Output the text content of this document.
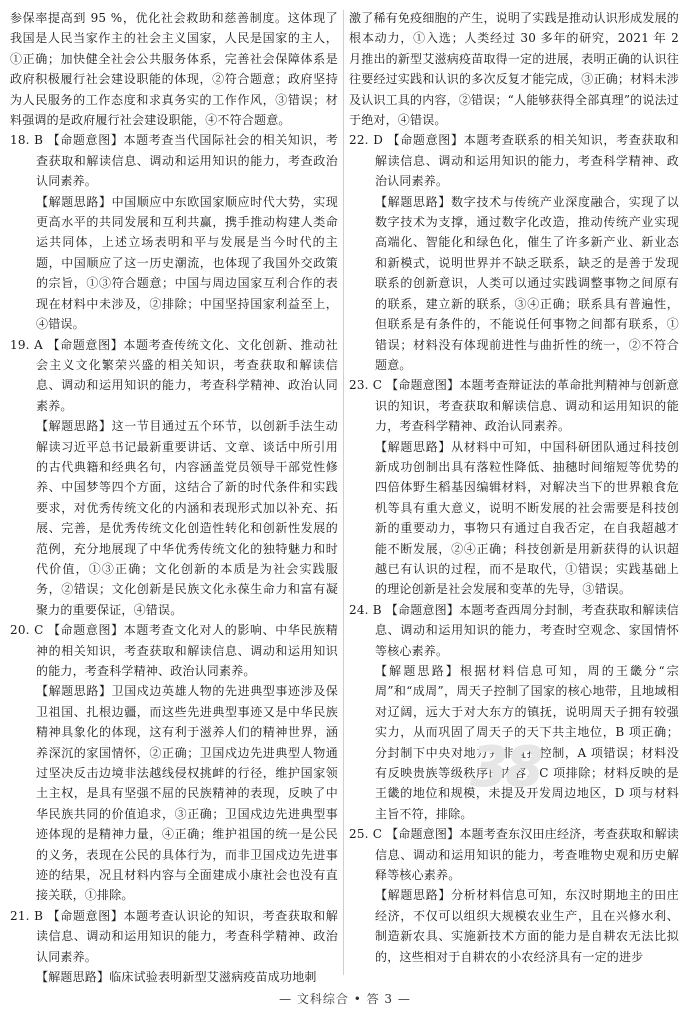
参保率提高到 95 %，优化社会救助和慈善制度。这体现了我国是人民当家作主的社会主义国家，人民是国家的主人，①正确；加快健全社会公共服务体系，完善社会保障体系是政府积极履行社会建设职能的体现，②符合题意；政府坚持为人民服务的工作态度和求真务实的工作作风，③错误；材料强调的是政府履行社会建设职能，④不符合题意。

18. B 【命题意图】本题考查当代国际社会的相关知识，考查获取和解读信息、调动和运用知识的能力，考查政治认同素养。

【解题思路】中国顺应中东欧国家顺应时代大势，实现更高水平的共同发展和互利共赢，携手推动构建人类命运共同体，上述立场表明和平与发展是当今时代的主题，中国顺应了这一历史潮流，也体现了我国外交政策的宗旨，①③符合题意；中国与周边国家互利合作的表现在材料中未涉及，②排除；中国坚持国家利益至上，④错误。

19. A 【命题意图】本题考查传统文化、文化创新、推动社会主义文化繁荣兴盛的相关知识，考查获取和解读信息、调动和运用知识的能力，考查科学精神、政治认同素养。

【解题思路】这一节目通过五个环节，以创新手法生动解读习近平总书记最新重要讲话、文章、谈话中所引用的古代典籍和经典名句，内容涵盖党员领导干部党性修养、中国梦等四个方面，这结合了新的时代条件和实践要求，对优秀传统文化的内涵和表现形式加以补充、拓展、完善，是优秀传统文化创造性转化和创新性发展的范例，充分地展现了中华优秀传统文化的独特魅力和时代价值，①③正确；文化创新的本质是为社会实践服务，②错误；文化创新是民族文化永葆生命力和富有凝聚力的重要保证，④错误。

20. C 【命题意图】本题考查文化对人的影响、中华民族精神的相关知识，考查获取和解读信息、调动和运用知识的能力，考查科学精神、政治认同素养。

【解题思路】卫国戍边英雄人物的先进典型事迹涉及保卫祖国、扎根边疆，而这些先进典型事迹又是中华民族精神具象化的体现，这有利于滋养人们的精神世界，涵养深沉的家国情怀，②正确；卫国戍边先进典型人物通过坚决反击边境非法越线侵权挑衅的行径，维护国家领土主权，是具有坚强不屈的民族精神的表现，反映了中华民族共同的价值追求，③正确；卫国戍边先进典型事迹体现的是精神力量，④正确；维护祖国的统一是公民的义务，表现在公民的具体行为，而非卫国戍边先进事迹的结果，况且材料内容与全面建成小康社会也没有直接关联，①排除。

21. B 【命题意图】本题考查认识论的知识，考查获取和解读信息、调动和运用知识的能力，考查科学精神、政治认同素养。

【解题思路】临床试验表明新型艾滋病疫苗成功地刺

激了稀有免疫细胞的产生，说明了实践是推动认识形成发展的根本动力，①入选；人类经过 30 多年的研究，2021 年 2 月推出的新型艾滋病疫苗取得一定的进展，表明正确的认识往往要经过实践和认识的多次反复才能完成，③正确；材料未涉及认识工具的内容，②错误；“人能够获得全部真理”的说法过于绝对，④错误。

22. D 【命题意图】本题考查联系的相关知识，考查获取和解读信息、调动和运用知识的能力，考查科学精神、政治认同素养。

【解题思路】数字技术与传统产业深度融合，实现了以数字技术为支撑，通过数字化改造，推动传统产业实现高端化、智能化和绿色化，催生了许多新产业、新业态和新模式，说明世界并不缺乏联系，缺乏的是善于发现联系的创新意识，人类可以通过实践调整事物之间原有的联系，建立新的联系，③④正确；联系具有普遍性，但联系是有条件的，不能说任何事物之间都有联系，①错误；材料没有体现前进性与曲折性的统一，②不符合题意。

23. C 【命题意图】本题考查辩证法的革命批判精神与创新意识的知识，考查获取和解读信息、调动和运用知识的能力，考查科学精神、政治认同素养。

【解题思路】从材料中可知，中国科研团队通过科技创新成功创制出具有落粒性降低、抽穗时间缩短等优势的四倍体野生稻基因编辑材料，对解决当下的世界粮食危机等具有重大意义，说明不断发展的社会需要是科技创新的重要动力，事物只有通过自我否定，在自我超越才能不断发展，②④正确；科技创新是用新获得的认识超越已有认识的过程，而不是取代，①错误；实践基础上的理论创新是社会发展和变革的先导，③错误。

24. B 【命题意图】本题考查西周分封制，考查获取和解读信息、调动和运用知识的能力，考查时空观念、家国情怀等核心素养。

【解题思路】根据材料信息可知，周的王畿分“宗周”和“成周”，周天子控制了国家的核心地带，且地域相对辽阔，远大于对大东方的镇抚，说明周天子拥有较强实力，从而巩固了周天子的天下共主地位，B 项正确；分封制下中央对地方并非直接控制，A 项错误；材料没有反映贵族等级秩序的内容，C 项排除；材料反映的是王畿的地位和规模，未提及开发周边地区，D 项与材料主旨不符，排除。

25. C 【命题意图】本题考查东汉田庄经济，考查获取和解读信息、调动和运用知识的能力，考查唯物史观和历史解释等核心素养。

【解题思路】分析材料信息可知，东汉时期地主的田庄经济，不仅可以组织大规模农业生产，且在兴修水利、制造新农具、实施新技术方面的能力是自耕农无法比拟的，这些相对于自耕农的小农经济具有一定的进步

38
— 文科综合 • 答 3 —
